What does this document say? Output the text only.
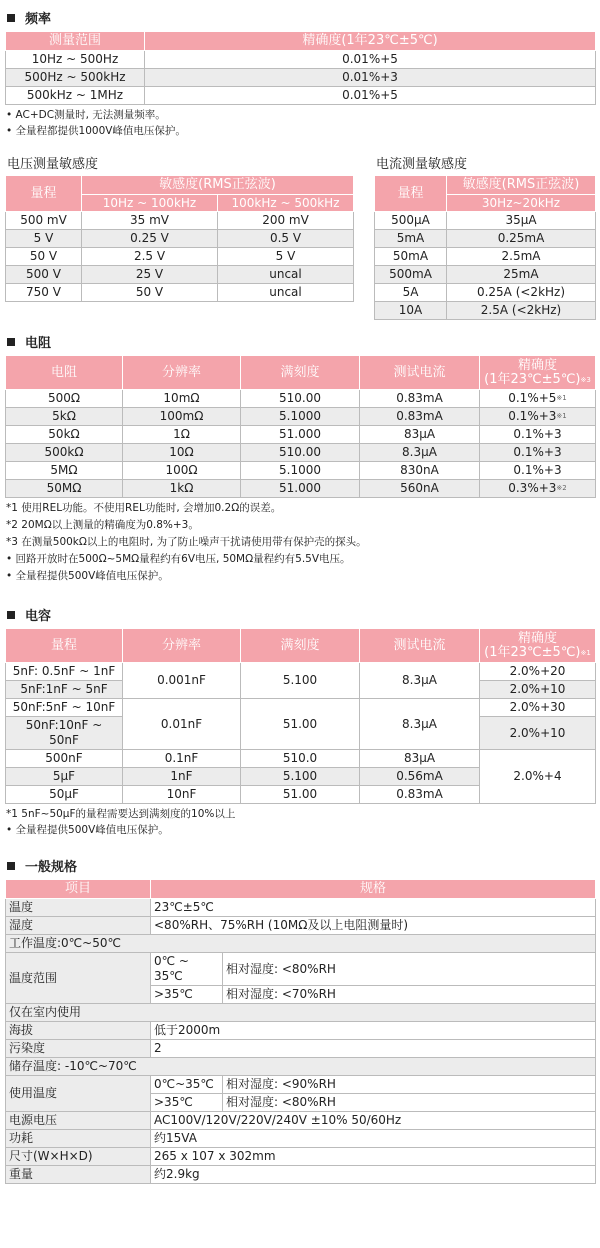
频率
测量范围	精确度(1年23℃±5℃)
10Hz ~ 500Hz	0.01%+5
500Hz ~ 500kHz	0.01%+3
500kHz ~ 1MHz	0.01%+5
• AC+DC测量时, 无法测量频率。
• 全量程都提供1000V峰值电压保护。
电压测量敏感度
量程	敏感度(RMS正弦波)	
	10Hz ~ 100kHz	100kHz ~ 500kHz
500 mV	35 mV	200 mV
5 V	0.25 V	0.5 V
50 V	2.5 V	5 V
500 V	25 V	uncal
750 V	50 V	uncal
电流测量敏感度
量程	敏感度(RMS正弦波)
	30Hz~20kHz
500μA	35μA
5mA	0.25mA
50mA	2.5mA
500mA	25mA
5A	0.25A (<2kHz)
10A	2.5A (<2kHz)
电阻
电阻	分辨率	满刻度	测试电流	精确度
(1年23℃±5℃)$^{※3}$
500Ω	10mΩ	510.00	0.83mA	$0.1\%+5^{※1}$
5kΩ	100mΩ	5.1000	0.83mA	$0.1\%+3^{※1}$
50kΩ	1Ω	51.000	83μA	0.1%+3
500kΩ	10Ω	510.00	8.3μA	0.1%+3
5MΩ	100Ω	5.1000	830nA	0.1%+3
50MΩ	1kΩ	51.000	560nA	$0.3\%+3^{※2}$
*1 使用REL功能。不使用REL功能时, 会增加0.2Ω的误差。
*2 20MΩ以上测量的精确度为0.8%+3。
*3 在测量500kΩ以上的电阻时, 为了防止噪声干扰请使用带有保护壳的探头。
• 回路开放时在500Ω~5MΩ量程约有6V电压, 50MΩ量程约有5.5V电压。
• 全量程提供500V峰值电压保护。
电容
量程	分辨率	满刻度	测试电流	精确度
(1年23℃±5℃)$^{※1}$
5nF: 0.5nF ~ 1nF	0.001nF	5.100	8.3μA	2.0%+20
5nF:1nF ~ 5nF				2.0%+10
50nF:5nF ~ 10nF	0.01nF	51.00	8.3μA	2.0%+30
50nF:10nF ~ 50nF				2.0%+10
500nF	0.1nF	510.0	83μA	2.0%+4
5μF	1nF	5.100	0.56mA	
50μF	10nF	51.00	0.83mA	
*1 5nF~50μF的量程需要达到满刻度的10%以上
• 全量程提供500V峰值电压保护。
一般规格
项目	规格	
温度	23℃±5℃	
湿度	<80%RH、75%RH (10MΩ及以上电阻测量时)	
工作温度:0℃~50℃		
温度范围	0℃ ~ 35℃	相对湿度: <80%RH
	>35℃	相对湿度: <70%RH
仅在室内使用		
海拔	低于2000m	
污染度	2	
储存温度: -10℃~70℃		
使用温度	0℃~35℃	相对湿度: <90%RH
	>35℃	相对湿度: <80%RH
电源电压	AC100V/120V/220V/240V ±10% 50/60Hz	
功耗	约15VA	
尺寸(W×H×D)	265 x 107 x 302mm	
重量	约2.9kg	
